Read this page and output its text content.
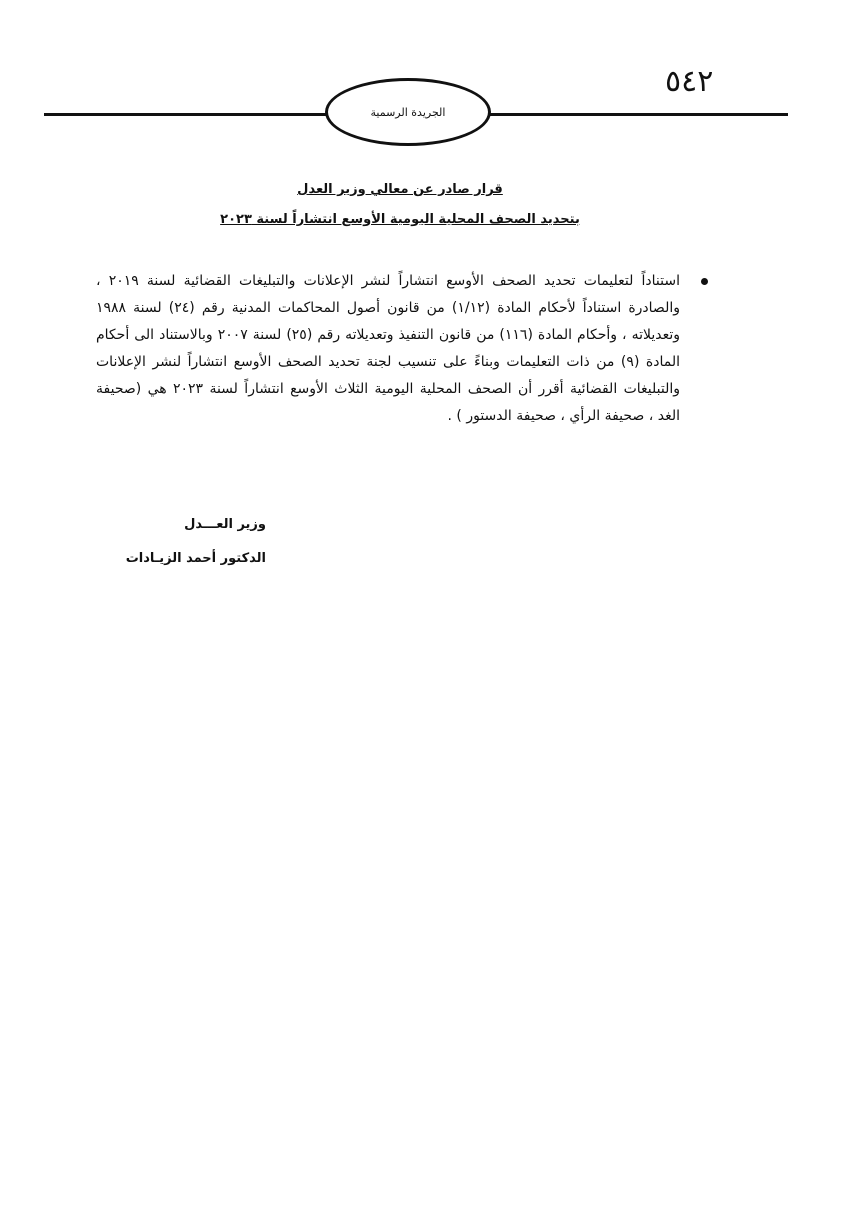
٥٤٢
الجريدة الرسمية
قرار صادر عن معالي وزير العدل
بتحديد الصحف المحلية اليومية الأوسع انتشاراً لسنة ٢٠٢٣

استناداً لتعليمات تحديد الصحف الأوسع انتشاراً لنشر الإعلانات والتبليغات القضائية لسنة ٢٠١٩ ، والصادرة استناداً لأحكام المادة (١/١٢) من قانون أصول المحاكمات المدنية رقم (٢٤) لسنة ١٩٨٨ وتعديلاته ، وأحكام المادة (١١٦) من قانون التنفيذ وتعديلاته رقم (٢٥) لسنة ٢٠٠٧ وبالاستناد الى أحكام المادة (٩) من ذات التعليمات وبناءً على تنسيب لجنة تحديد الصحف الأوسع انتشاراً لنشر الإعلانات والتبليغات القضائية أقرر أن الصحف المحلية اليومية الثلاث الأوسع انتشاراً لسنة ٢٠٢٣ هي (صحيفة الغد ، صحيفة الرأي ، صحيفة الدستور ) .

وزير العـــدل
الدكتور أحمد الزيـادات
